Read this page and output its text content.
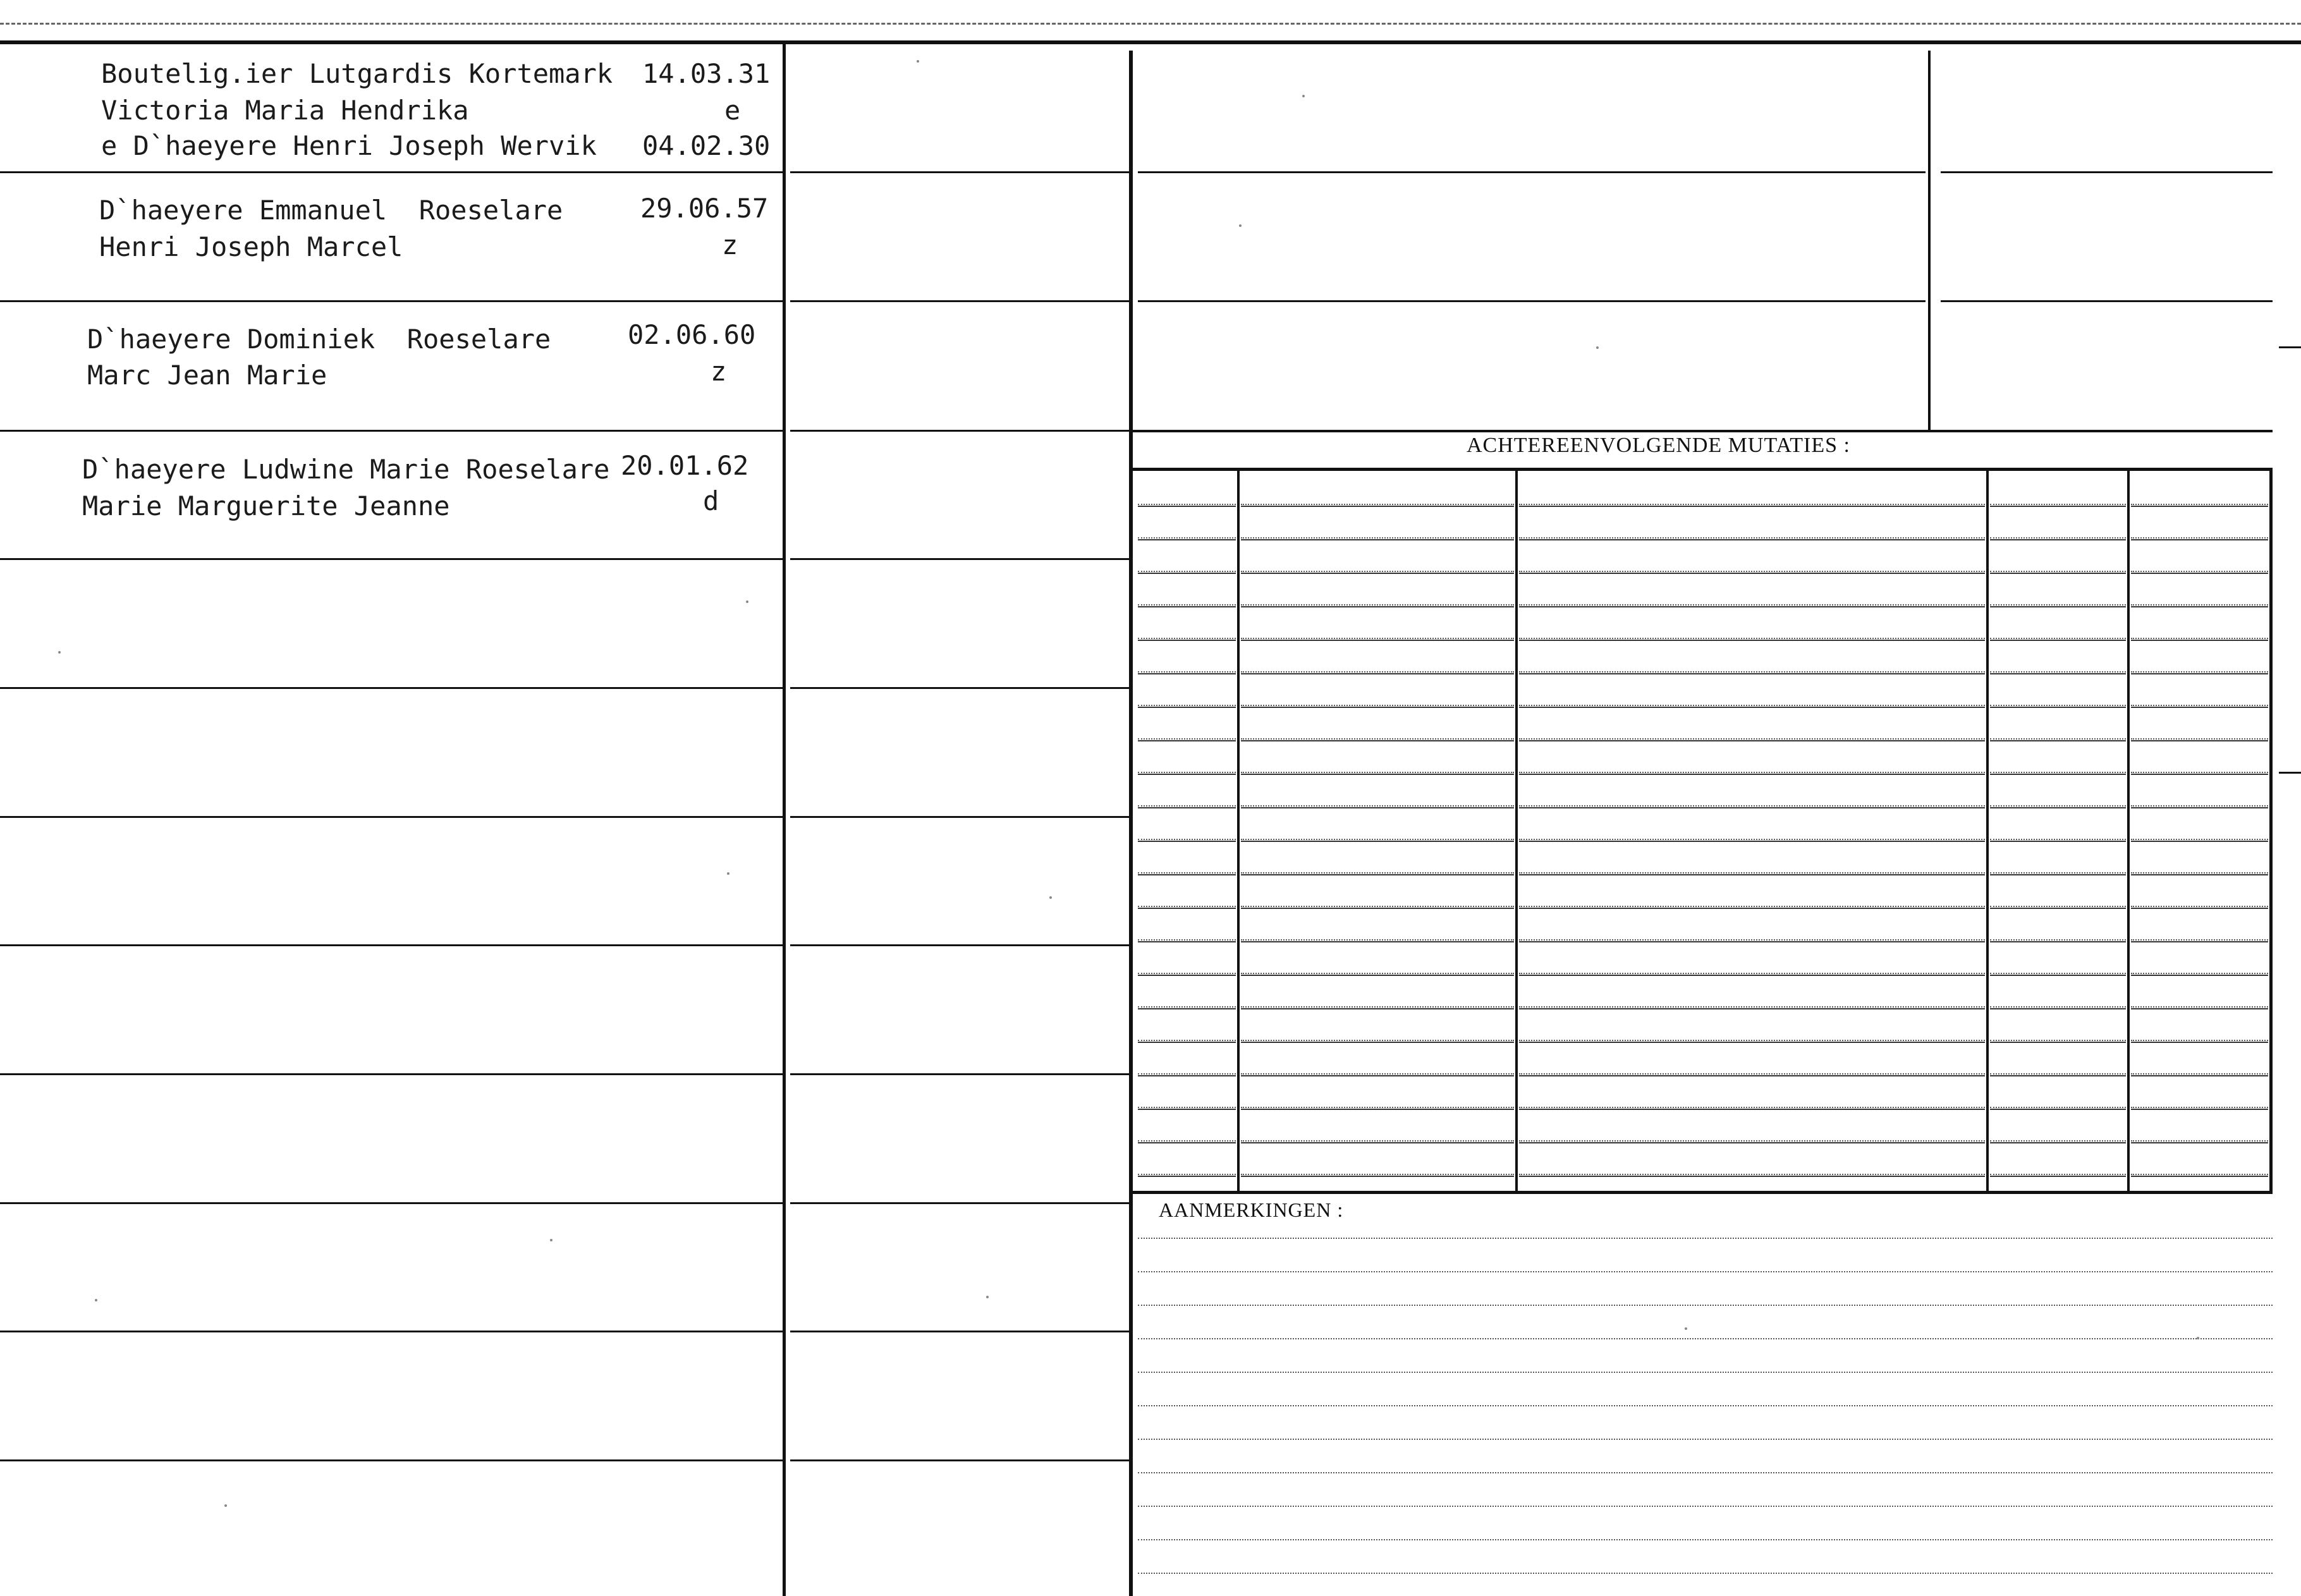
ACHTEREENVOLGENDE MUTATIES :
AANMERKINGEN :
Boutelig.ier Lutgardis Kortemark
Victoria Maria Hendrika
e D`haeyere Henri Joseph Wervik
14.03.31
e
04.02.30
D`haeyere Emmanuel  Roeselare
Henri Joseph Marcel
29.06.57
z
D`haeyere Dominiek  Roeselare
Marc Jean Marie
02.06.60
z
D`haeyere Ludwine Marie Roeselare
Marie Marguerite Jeanne
20.01.62
d
